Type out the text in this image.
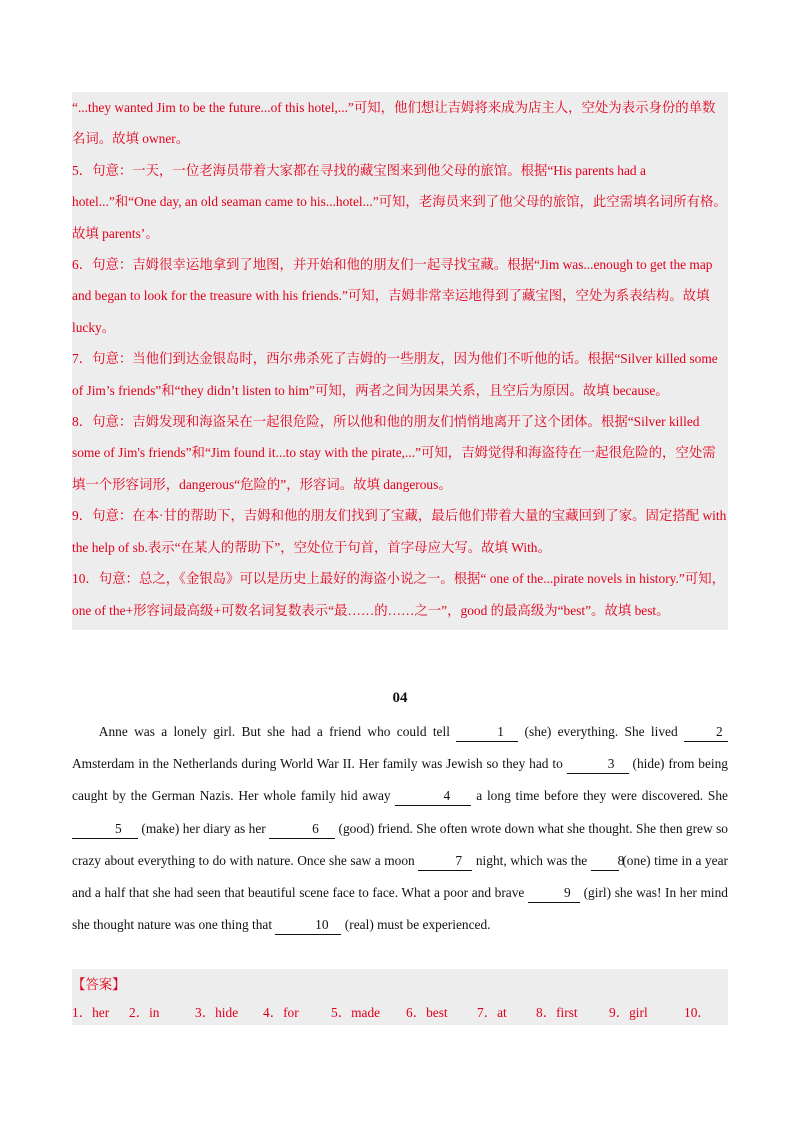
“...they wanted Jim to be the future...of this hotel,...”可知，他们想让吉姆将来成为店主人，空处为表示身份的单数名词。故填 owner。

5．句意：一天，一位老海员带着大家都在寻找的藏宝图来到他父母的旅馆。根据“His parents had a hotel...”和“One day, an old seaman came to his...hotel...”可知，老海员来到了他父母的旅馆，此空需填名词所有格。故填 parents’。

6．句意：吉姆很幸运地拿到了地图，并开始和他的朋友们一起寻找宝藏。根据“Jim was...enough to get the map and began to look for the treasure with his friends.”可知，吉姆非常幸运地得到了藏宝图，空处为系表结构。故填 lucky。

7．句意：当他们到达金银岛时，西尔弗杀死了吉姆的一些朋友，因为他们不听他的话。根据“Silver killed some of Jim’s friends”和“they didn’t listen to him”可知，两者之间为因果关系，且空后为原因。故填 because。

8．句意：吉姆发现和海盗呆在一起很危险，所以他和他的朋友们悄悄地离开了这个团体。根据“Silver killed some of Jim's friends”和“Jim found it...to stay with the pirate,...”可知，吉姆觉得和海盗待在一起很危险的，空处需填一个形容词形，dangerous“危险的”，形容词。故填 dangerous。

9．句意：在本·甘的帮助下，吉姆和他的朋友们找到了宝藏，最后他们带着大量的宝藏回到了家。固定搭配 with the help of sb.表示“在某人的帮助下”，空处位于句首，首字母应大写。故填 With。

10．句意：总之，《金银岛》可以是历史上最好的海盗小说之一。根据“ one of the...pirate novels in history.”可知，one of the+形容词最高级+可数名词复数表示“最……的……之一”，good 的最高级为“best”。故填 best。

04

Anne was a lonely girl. But she had a friend who could tell	1 (she) everything. She lived 2 Amsterdam in the Netherlands during World War II. Her family was Jewish so they had to	3 (hide) from being caught by the German Nazis. Her whole family hid away	4 a long time before they were discovered. She 5 (make) her diary as her	6 (good) friend. She often wrote down what she thought. She then grew so crazy about everything to do with nature. Once she saw a moon	7 night, which was the 8 (one) time in a year and a half that she had seen that beautiful scene face to face. What a poor and brave	9 (girl) she was! In her mind she thought nature was one thing that	10 (real) must be experienced.

【答案】
1．her	2．in	3．hide	4．for	5．made	6．best	7．at	8．first	9．girl	10．
